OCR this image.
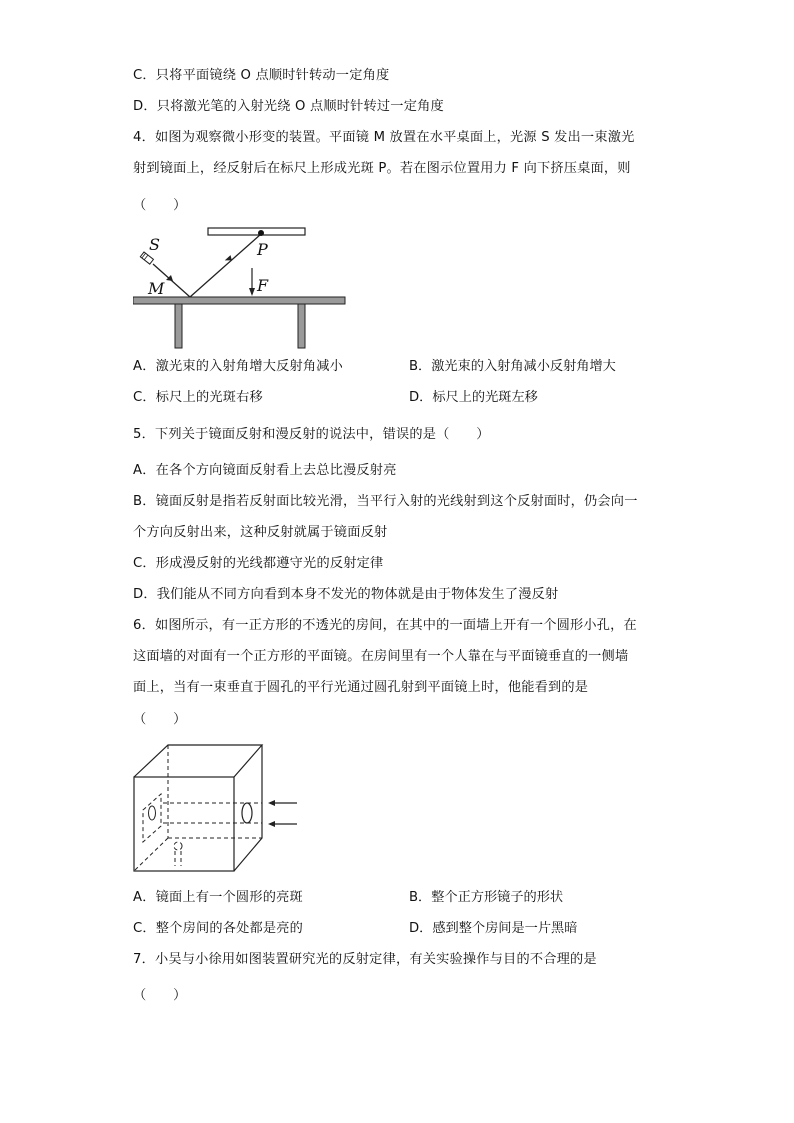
C．只将平面镜绕 O 点顺时针转动一定角度
D．只将激光笔的入射光绕 O 点顺时针转过一定角度
4．如图为观察微小形变的装置。平面镜 M 放置在水平桌面上，光源 S 发出一束激光
射到镜面上，经反射后在标尺上形成光斑 P。若在图示位置用力 F 向下挤压桌面，则
（　　）
S	P
M	F
A．激光束的入射角增大反射角减小	B．激光束的入射角减小反射角增大
C．标尺上的光斑右移	D．标尺上的光斑左移
5．下列关于镜面反射和漫反射的说法中，错误的是（　　）
A．在各个方向镜面反射看上去总比漫反射亮
B．镜面反射是指若反射面比较光滑，当平行入射的光线射到这个反射面时，仍会向一
个方向反射出来，这种反射就属于镜面反射
C．形成漫反射的光线都遵守光的反射定律
D．我们能从不同方向看到本身不发光的物体就是由于物体发生了漫反射
6．如图所示，有一正方形的不透光的房间，在其中的一面墙上开有一个圆形小孔，在
这面墙的对面有一个正方形的平面镜。在房间里有一个人靠在与平面镜垂直的一侧墙
面上，当有一束垂直于圆孔的平行光通过圆孔射到平面镜上时，他能看到的是
（　　）
A．镜面上有一个圆形的亮斑	B．整个正方形镜子的形状
C．整个房间的各处都是亮的	D．感到整个房间是一片黑暗
7．小吴与小徐用如图装置研究光的反射定律，有关实验操作与目的不合理的是
（　　）
